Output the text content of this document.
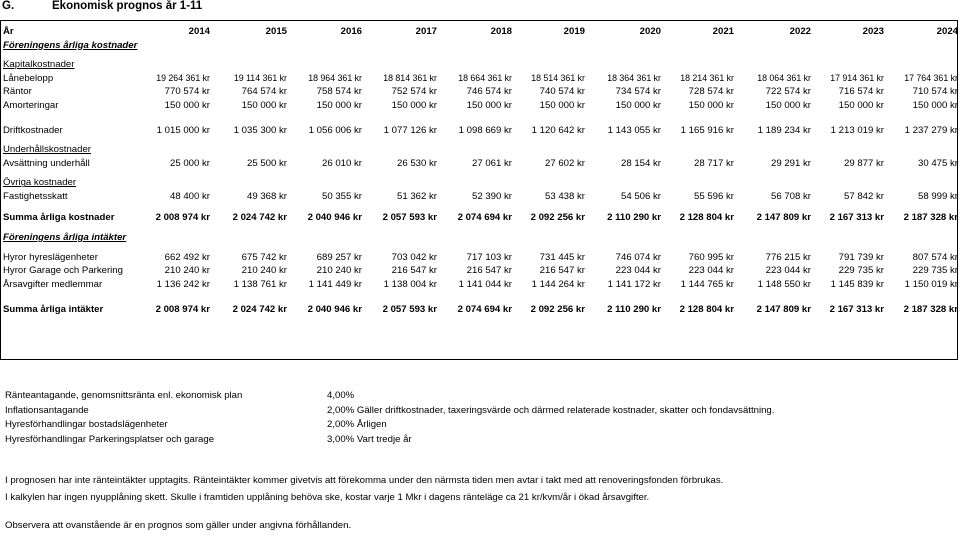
G.	Ekonomisk prognos år 1-11
År	2014	2015	2016	2017	2018	2019	2020	2021	2022	2023	2024
Föreningens årliga kostnader											

Kapitalkostnader											
Lånebelopp	19 264 361 kr	19 114 361 kr	18 964 361 kr	18 814 361 kr	18 664 361 kr	18 514 361 kr	18 364 361 kr	18 214 361 kr	18 064 361 kr	17 914 361 kr	17 764 361 kr
Räntor	770 574 kr	764 574 kr	758 574 kr	752 574 kr	746 574 kr	740 574 kr	734 574 kr	728 574 kr	722 574 kr	716 574 kr	710 574 kr
Amorteringar	150 000 kr	150 000 kr	150 000 kr	150 000 kr	150 000 kr	150 000 kr	150 000 kr	150 000 kr	150 000 kr	150 000 kr	150 000 kr

Driftkostnader	1 015 000 kr	1 035 300 kr	1 056 006 kr	1 077 126 kr	1 098 669 kr	1 120 642 kr	1 143 055 kr	1 165 916 kr	1 189 234 kr	1 213 019 kr	1 237 279 kr

Underhållskostnader											
Avsättning underhåll	25 000 kr	25 500 kr	26 010 kr	26 530 kr	27 061 kr	27 602 kr	28 154 kr	28 717 kr	29 291 kr	29 877 kr	30 475 kr

Övriga kostnader											
Fastighetsskatt	48 400 kr	49 368 kr	50 355 kr	51 362 kr	52 390 kr	53 438 kr	54 506 kr	55 596 kr	56 708 kr	57 842 kr	58 999 kr

Summa årliga kostnader	2 008 974 kr	2 024 742 kr	2 040 946 kr	2 057 593 kr	2 074 694 kr	2 092 256 kr	2 110 290 kr	2 128 804 kr	2 147 809 kr	2 167 313 kr	2 187 328 kr

Föreningens årliga intäkter											

Hyror hyreslägenheter	662 492 kr	675 742 kr	689 257 kr	703 042 kr	717 103 kr	731 445 kr	746 074 kr	760 995 kr	776 215 kr	791 739 kr	807 574 kr
Hyror Garage och Parkering	210 240 kr	210 240 kr	210 240 kr	216 547 kr	216 547 kr	216 547 kr	223 044 kr	223 044 kr	223 044 kr	229 735 kr	229 735 kr
Årsavgifter medlemmar	1 136 242 kr	1 138 761 kr	1 141 449 kr	1 138 004 kr	1 141 044 kr	1 144 264 kr	1 141 172 kr	1 144 765 kr	1 148 550 kr	1 145 839 kr	1 150 019 kr

Summa årliga intäkter	2 008 974 kr	2 024 742 kr	2 040 946 kr	2 057 593 kr	2 074 694 kr	2 092 256 kr	2 110 290 kr	2 128 804 kr	2 147 809 kr	2 167 313 kr	2 187 328 kr
Ränteantagande, genomsnittsränta enl. ekonomisk plan	4,00%
Inflationsantagande	2,00% Gäller driftkostnader, taxeringsvärde och därmed relaterade kostnader, skatter och fondavsättning.
Hyresförhandlingar bostadslägenheter	2,00% Årligen
Hyresförhandlingar Parkeringsplatser och garage	3,00% Vart tredje år
I prognosen har inte ränteintäkter upptagits. Ränteintäkter kommer givetvis att förekomma under den närmsta tiden men avtar i takt med att renoveringsfonden förbrukas.
I kalkylen har ingen nyupplåning skett. Skulle i framtiden upplåning behöva ske, kostar varje 1 Mkr i dagens ränteläge ca 21 kr/kvm/år i ökad årsavgifter.
Observera att ovanstående är en prognos som gäller under angivna förhållanden.
